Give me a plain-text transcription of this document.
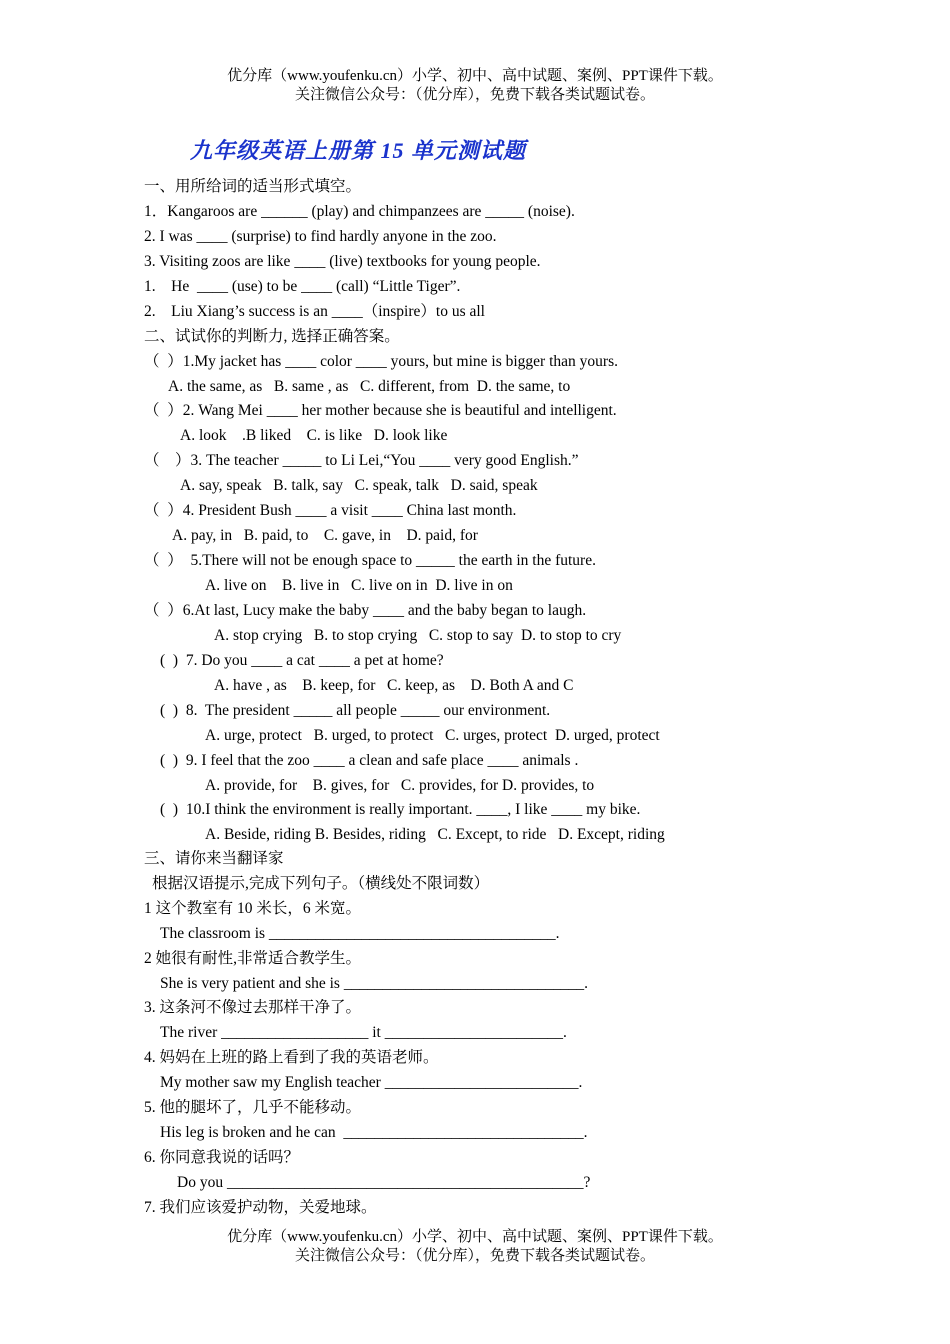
优分库（www.youfenku.cn）小学、初中、高中试题、案例、PPT课件下载。
关注微信公众号：（优分库），免费下载各类试题试卷。
九年级英语上册第 15 单元测试题
一、用所给词的适当形式填空。
1．Kangaroos are ______ (play) and chimpanzees are _____ (noise).
2. I was ____ (surprise) to find hardly anyone in the zoo.
3. Visiting zoos are like ____ (live) textbooks for young people.
1.    He  ____ (use) to be ____ (call) “Little Tiger”.
2.    Liu Xiang’s success is an ____（inspire）to us all
二、试试你的判断力, 选择正确答案。
（  ）1.My jacket has ____ color ____ yours, but mine is bigger than yours.
A. the same, as   B. same , as   C. different, from  D. the same, to
（  ）2. Wang Mei ____ her mother because she is beautiful and intelligent.
A. look    .B liked    C. is like   D. look like
（    ）3. The teacher _____ to Li Lei,“You ____ very good English.”
A. say, speak   B. talk, say   C. speak, talk   D. said, speak
（  ）4. President Bush ____ a visit ____ China last month.
A. pay, in   B. paid, to    C. gave, in    D. paid, for
（  ）  5.There will not be enough space to _____ the earth in the future.
A. live on    B. live in   C. live on in  D. live in on
（  ）6.At last, Lucy make the baby ____ and the baby began to laugh.
A. stop crying   B. to stop crying   C. stop to say  D. to stop to cry
(  )  7. Do you ____ a cat ____ a pet at home?
A. have , as    B. keep, for   C. keep, as    D. Both A and C
(  )  8.  The president _____ all people _____ our environment.
A. urge, protect   B. urged, to protect   C. urges, protect  D. urged, protect
(  )  9. I feel that the zoo ____ a clean and safe place ____ animals .
A. provide, for    B. gives, for   C. provides, for D. provides, to
(  )  10.I think the environment is really important. ____, I like ____ my bike.
A. Beside, riding B. Besides, riding   C. Except, to ride   D. Except, riding
三、请你来当翻译家
根据汉语提示,完成下列句子。（横线处不限词数）
1 这个教室有 10 米长，6 米宽。
The classroom is _____________________________________.
2 她很有耐性,非常适合教学生。
She is very patient and she is _______________________________.
3. 这条河不像过去那样干净了。
The river ___________________ it _______________________.
4. 妈妈在上班的路上看到了我的英语老师。
My mother saw my English teacher _________________________.
5. 他的腿坏了，几乎不能移动。
His leg is broken and he can  _______________________________.
6. 你同意我说的话吗？
Do you ______________________________________________?
7. 我们应该爱护动物，关爱地球。
优分库（www.youfenku.cn）小学、初中、高中试题、案例、PPT课件下载。
关注微信公众号：（优分库），免费下载各类试题试卷。
